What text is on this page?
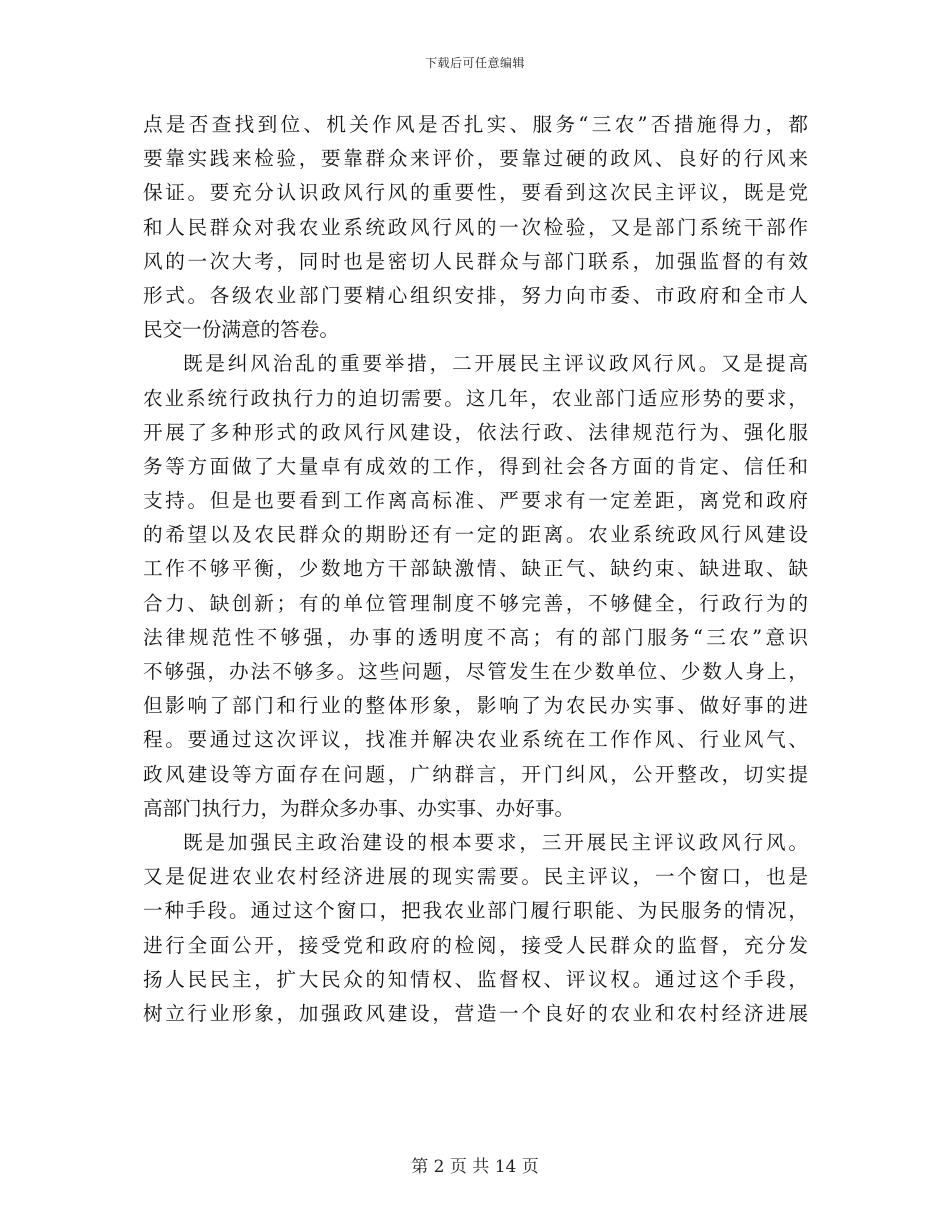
下载后可任意编辑
点是否查找到位、机关作风是否扎实、服务“三农”否措施得力，都
要靠实践来检验，要靠群众来评价，要靠过硬的政风、良好的行风来
保证。要充分认识政风行风的重要性，要看到这次民主评议，既是党
和人民群众对我农业系统政风行风的一次检验，又是部门系统干部作
风的一次大考，同时也是密切人民群众与部门联系，加强监督的有效
形式。各级农业部门要精心组织安排，努力向市委、市政府和全市人
民交一份满意的答卷。
既是纠风治乱的重要举措，二开展民主评议政风行风。又是提高
农业系统行政执行力的迫切需要。这几年，农业部门适应形势的要求，
开展了多种形式的政风行风建设，依法行政、法律规范行为、强化服
务等方面做了大量卓有成效的工作，得到社会各方面的肯定、信任和
支持。但是也要看到工作离高标准、严要求有一定差距，离党和政府
的希望以及农民群众的期盼还有一定的距离。农业系统政风行风建设
工作不够平衡，少数地方干部缺激情、缺正气、缺约束、缺进取、缺
合力、缺创新；有的单位管理制度不够完善，不够健全，行政行为的
法律规范性不够强，办事的透明度不高；有的部门服务“三农”意识
不够强，办法不够多。这些问题，尽管发生在少数单位、少数人身上，
但影响了部门和行业的整体形象，影响了为农民办实事、做好事的进
程。要通过这次评议，找准并解决农业系统在工作作风、行业风气、
政风建设等方面存在问题，广纳群言，开门纠风，公开整改，切实提
高部门执行力，为群众多办事、办实事、办好事。
既是加强民主政治建设的根本要求，三开展民主评议政风行风。
又是促进农业农村经济进展的现实需要。民主评议，一个窗口，也是
一种手段。通过这个窗口，把我农业部门履行职能、为民服务的情况，
进行全面公开，接受党和政府的检阅，接受人民群众的监督，充分发
扬人民民主，扩大民众的知情权、监督权、评议权。通过这个手段，
树立行业形象，加强政风建设，营造一个良好的农业和农村经济进展
第 2 页 共 14 页
